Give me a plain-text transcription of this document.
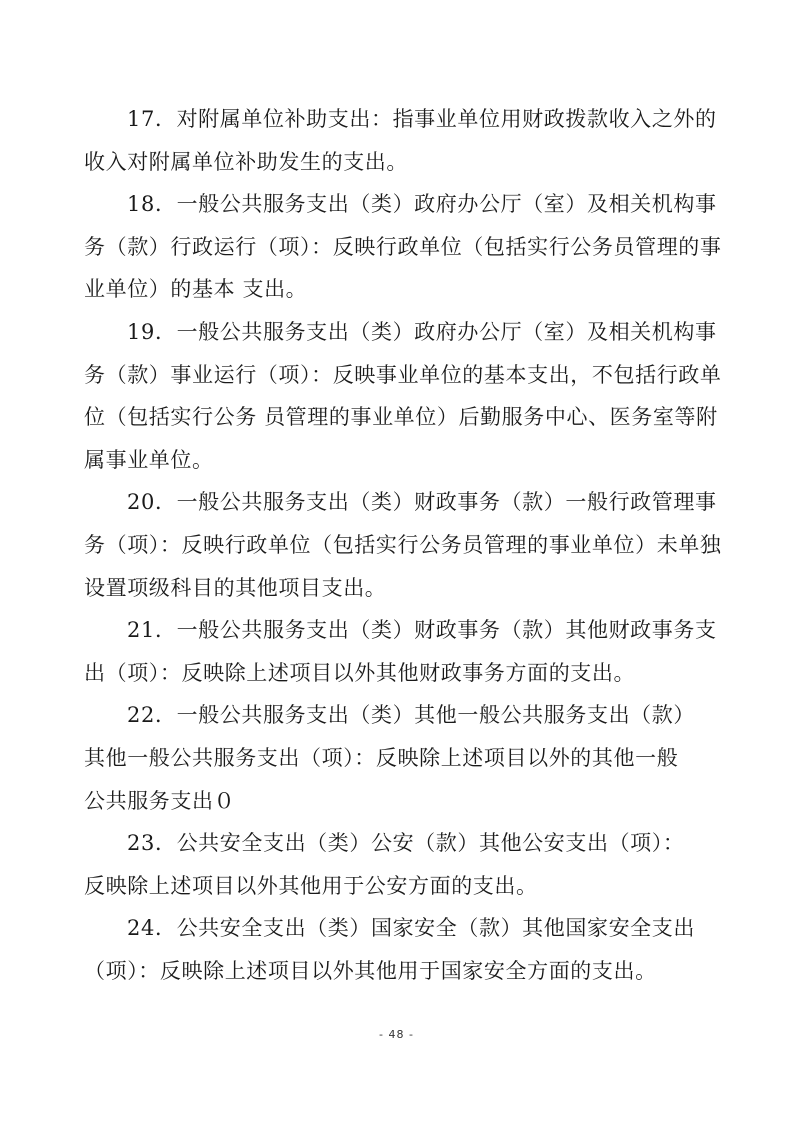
17．对附属单位补助支出：指事业单位用财政拨款收入之外的收入对附属单位补助发生的支出。

18．一般公共服务支出（类）政府办公厅（室）及相关机构事务（款）行政运行（项）：反映行政单位（包括实行公务员管理的事业单位）的基本 支出。

19．一般公共服务支出（类）政府办公厅（室）及相关机构事务（款）事业运行（项）：反映事业单位的基本支出，不包括行政单位（包括实行公务 员管理的事业单位）后勤服务中心、医务室等附属事业单位。

20．一般公共服务支出（类）财政事务（款）一般行政管理事务（项）：反映行政单位（包括实行公务员管理的事业单位）未单独 设置项级科目的其他项目支出。

21．一般公共服务支出（类）财政事务（款）其他财政事务支出（项）：反映除上述项目以外其他财政事务方面的支出。

22．一般公共服务支出（类）其他一般公共服务支出（款）其他一般公共服务支出（项）：反映除上述项目以外的其他一般公共服务支出０

23．公共安全支出（类）公安（款）其他公安支出（项）：反映除上述项目以外其他用于公安方面的支出。

24．公共安全支出（类）国家安全（款）其他国家安全支出（项）：反映除上述项目以外其他用于国家安全方面的支出。

- 48 -
